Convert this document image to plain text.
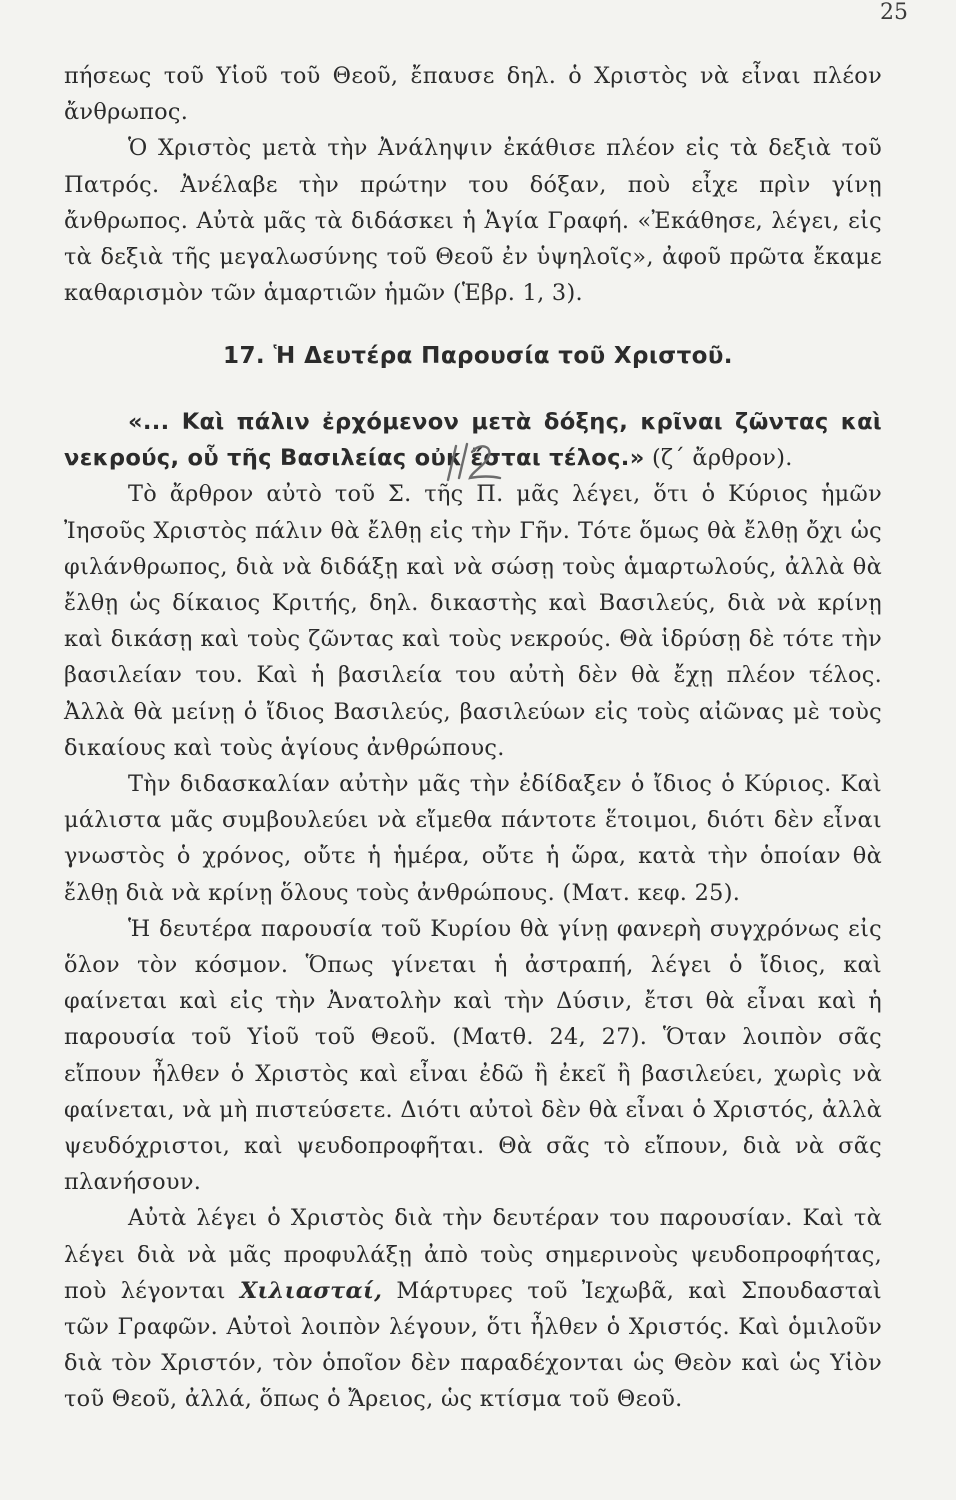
25

πήσεως τοῦ Υἱοῦ τοῦ Θεοῦ, ἔπαυσε δηλ. ὁ Χριστὸς νὰ εἶναι πλέον ἄνθρωπος.

Ὁ Χριστὸς μετὰ τὴν Ἀνάληψιν ἐκάθισε πλέον εἰς τὰ δεξιὰ τοῦ Πατρός. Ἀνέλαβε τὴν πρώτην του δόξαν, ποὺ εἶχε πρὶν γίνῃ ἄνθρωπος. Αὐτὰ μᾶς τὰ διδάσκει ἡ Ἁγία Γραφή. «Ἐκάθησε, λέγει, εἰς τὰ δεξιὰ τῆς μεγαλωσύνης τοῦ Θεοῦ ἐν ὑψηλοῖς», ἀφοῦ πρῶτα ἔκαμε καθαρισμὸν τῶν ἁμαρτιῶν ἡμῶν (Ἑβρ. 1, 3).

17. Ἡ Δευτέρα Παρουσία τοῦ Χριστοῦ.

«... Καὶ πάλιν ἐρχόμενον μετὰ δόξης, κρῖναι ζῶντας καὶ νεκρούς, οὗ τῆς Βασιλείας οὐκ ἔσται τέλος.» (ζ΄ ἄρθρον).

Τὸ ἄρθρον αὐτὸ τοῦ Σ. τῆς Π. μᾶς λέγει, ὅτι ὁ Κύριος ἡμῶν Ἰησοῦς Χριστὸς πάλιν θὰ ἔλθῃ εἰς τὴν Γῆν. Τότε ὅμως θὰ ἔλθῃ ὄχι ὡς φιλάνθρωπος, διὰ νὰ διδάξῃ καὶ νὰ σώσῃ τοὺς ἁμαρτωλούς, ἀλλὰ θὰ ἔλθῃ ὡς δίκαιος Κριτής, δηλ. δικαστὴς καὶ Βασιλεύς, διὰ νὰ κρίνῃ καὶ δικάσῃ καὶ τοὺς ζῶντας καὶ τοὺς νεκρούς. Θὰ ἱδρύσῃ δὲ τότε τὴν βασιλείαν του. Καὶ ἡ βασιλεία του αὐτὴ δὲν θὰ ἔχῃ πλέον τέλος. Ἀλλὰ θὰ μείνῃ ὁ ἴδιος Βασιλεύς, βασιλεύων εἰς τοὺς αἰῶνας μὲ τοὺς δικαίους καὶ τοὺς ἁγίους ἀνθρώπους.

Τὴν διδασκαλίαν αὐτὴν μᾶς τὴν ἐδίδαξεν ὁ ἴδιος ὁ Κύριος. Καὶ μάλιστα μᾶς συμβουλεύει νὰ εἴμεθα πάντοτε ἕτοιμοι, διότι δὲν εἶναι γνωστὸς ὁ χρόνος, οὔτε ἡ ἡμέρα, οὔτε ἡ ὥρα, κατὰ τὴν ὁποίαν θὰ ἔλθῃ διὰ νὰ κρίνῃ ὅλους τοὺς ἀνθρώπους. (Ματ. κεφ. 25).

Ἡ δευτέρα παρουσία τοῦ Κυρίου θὰ γίνῃ φανερὴ συγχρόνως εἰς ὅλον τὸν κόσμον. Ὅπως γίνεται ἡ ἀστραπή, λέγει ὁ ἴδιος, καὶ φαίνεται καὶ εἰς τὴν Ἀνατολὴν καὶ τὴν Δύσιν, ἔτσι θὰ εἶναι καὶ ἡ παρουσία τοῦ Υἱοῦ τοῦ Θεοῦ. (Ματθ. 24, 27). Ὅταν λοιπὸν σᾶς εἴπουν ἦλθεν ὁ Χριστὸς καὶ εἶναι ἐδῶ ἢ ἐκεῖ ἢ βασιλεύει, χωρὶς νὰ φαίνεται, νὰ μὴ πιστεύσετε. Διότι αὐτοὶ δὲν θὰ εἶναι ὁ Χριστός, ἀλλὰ ψευδόχριστοι, καὶ ψευδοπροφῆται. Θὰ σᾶς τὸ εἴπουν, διὰ νὰ σᾶς πλανήσουν.

Αὐτὰ λέγει ὁ Χριστὸς διὰ τὴν δευτέραν του παρουσίαν. Καὶ τὰ λέγει διὰ νὰ μᾶς προφυλάξῃ ἀπὸ τοὺς σημερινοὺς ψευδοπροφήτας, ποὺ λέγονται Χιλιασταί, Μάρτυρες τοῦ Ἰεχωβᾶ, καὶ Σπουδασταὶ τῶν Γραφῶν. Αὐτοὶ λοιπὸν λέγουν, ὅτι ἦλθεν ὁ Χριστός. Καὶ ὁμιλοῦν διὰ τὸν Χριστόν, τὸν ὁποῖον δὲν παραδέχονται ὡς Θεὸν καὶ ὡς Υἱὸν τοῦ Θεοῦ, ἀλλά, ὅπως ὁ Ἄρειος, ὡς κτίσμα τοῦ Θεοῦ.
